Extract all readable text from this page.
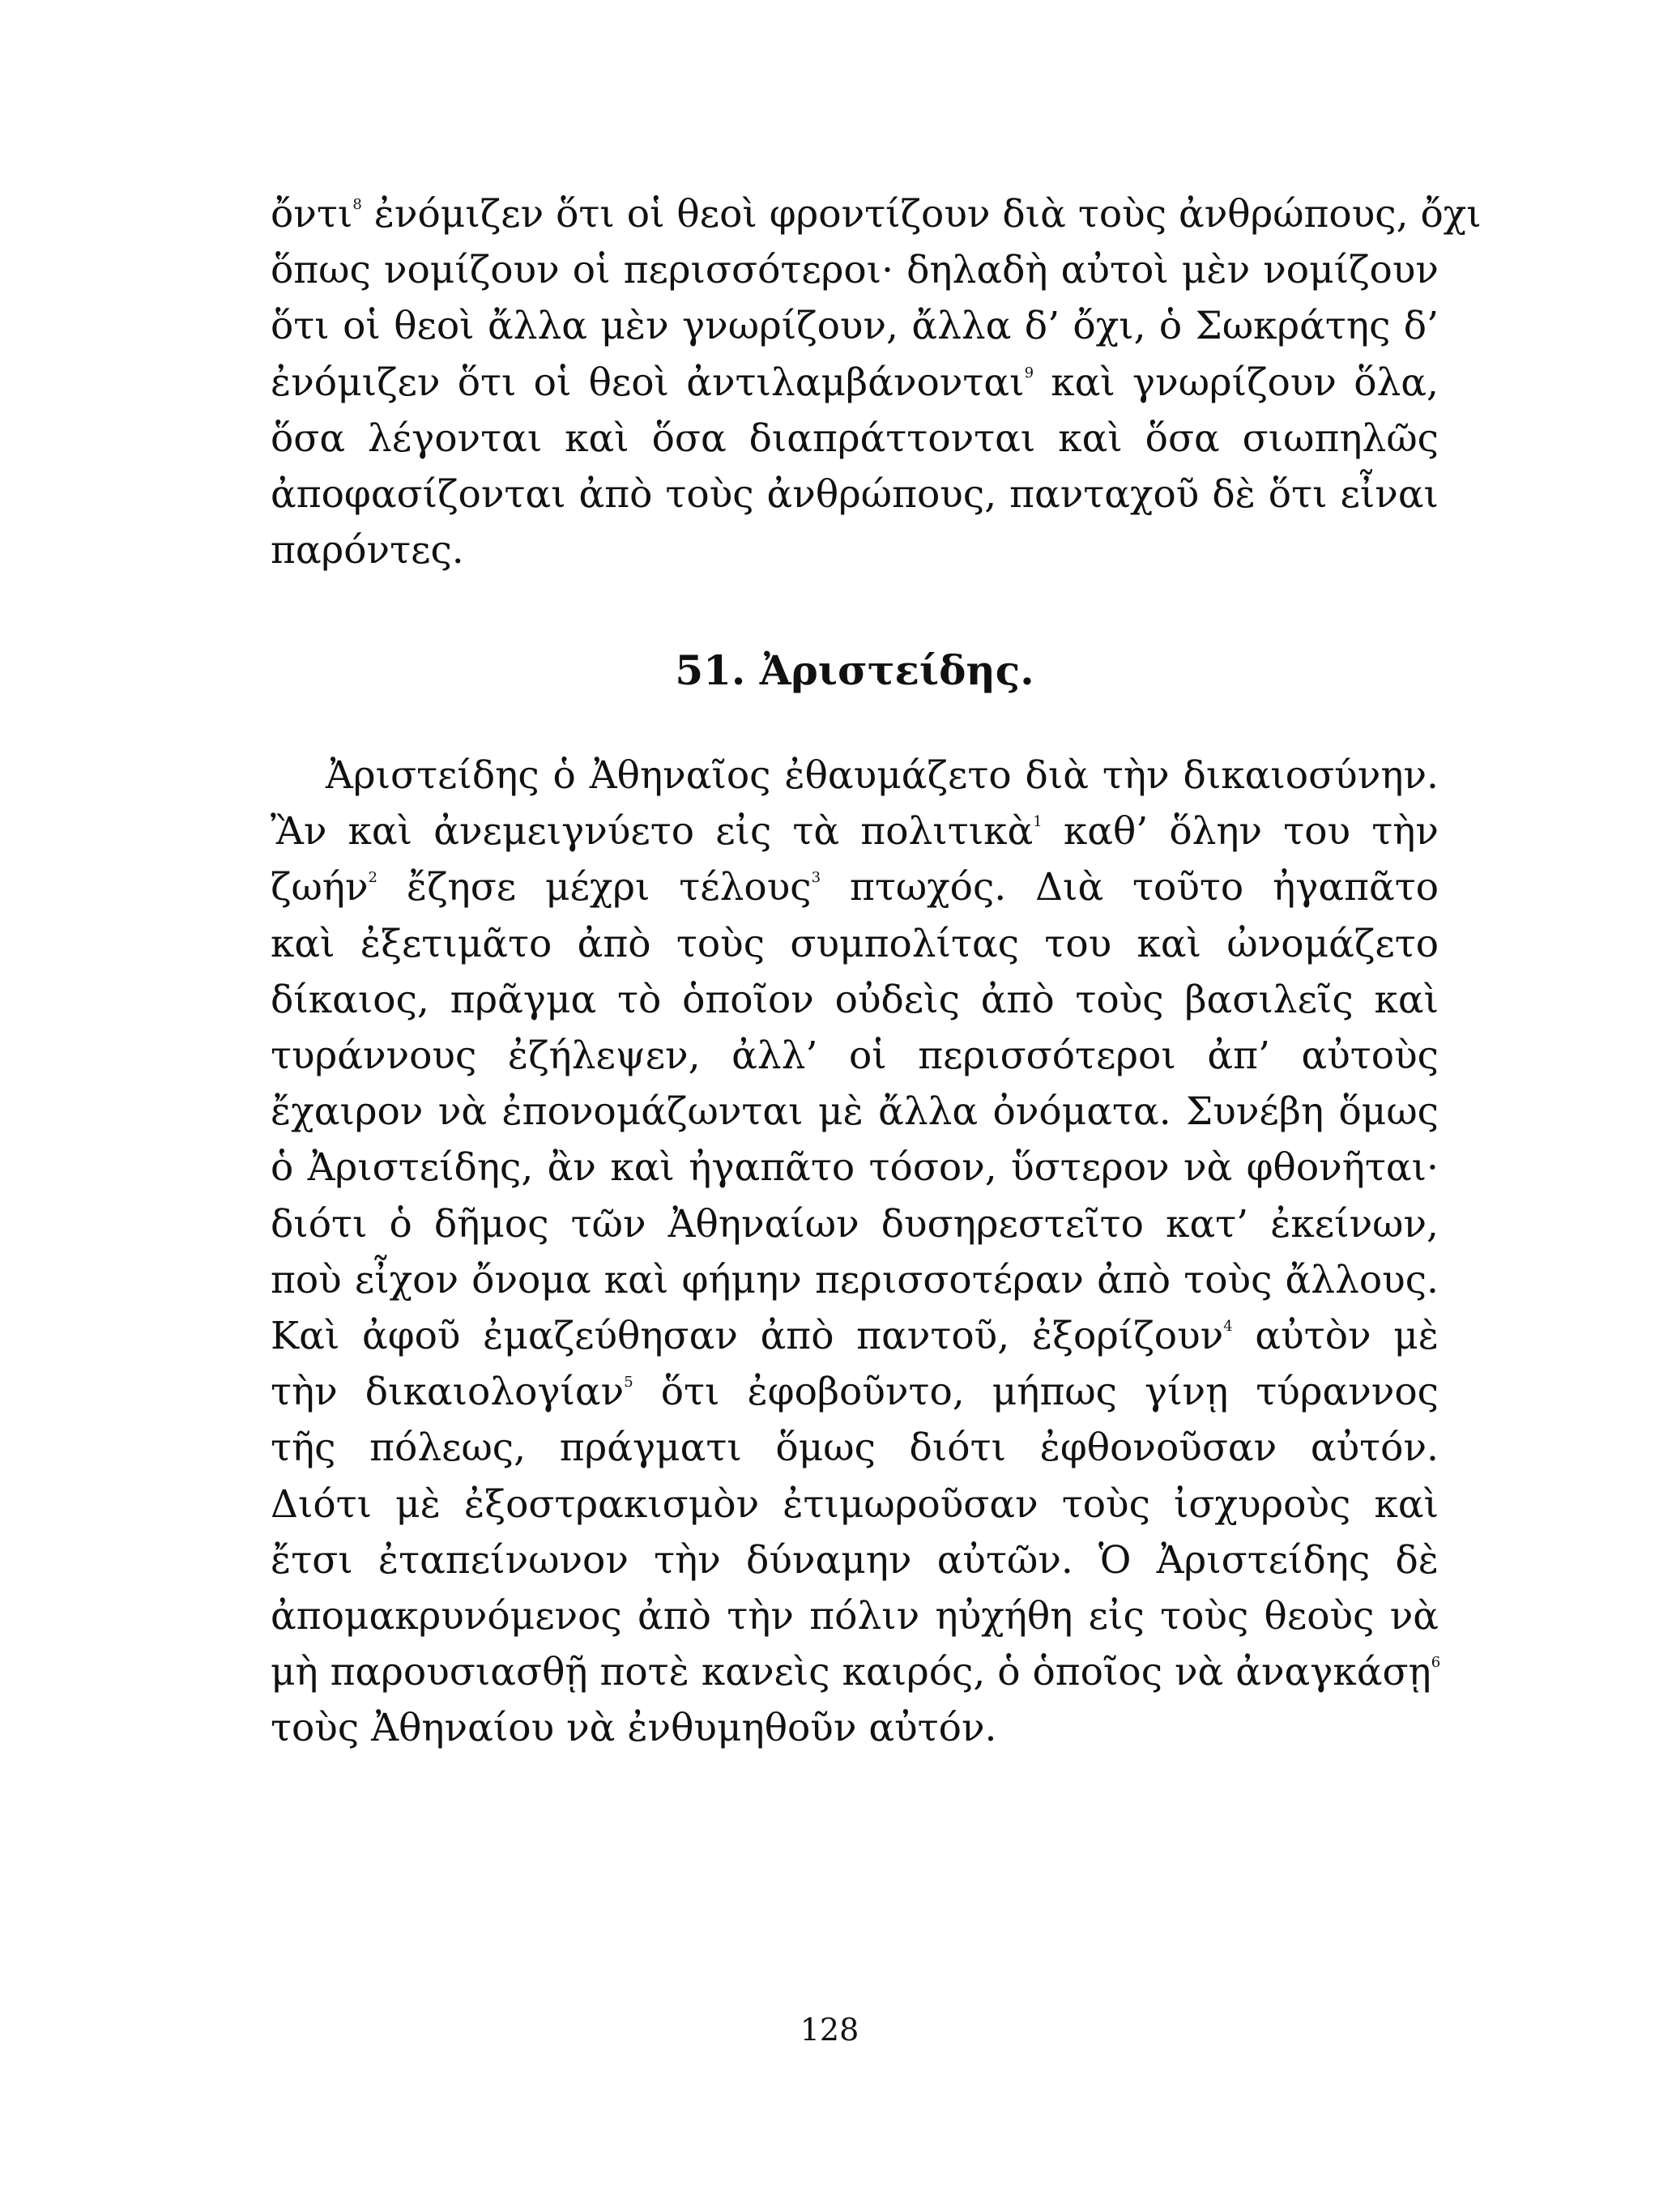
ὄντι$^8$ ἐνόμιζεν ὅτι οἱ θεοὶ φροντίζουν διὰ τοὺς ἀνθρώπους, ὄχι
ὅπως νομίζουν οἱ περισσότεροι· δηλαδὴ αὐτοὶ μὲν νομίζουν
ὅτι οἱ θεοὶ ἄλλα μὲν γνωρίζουν, ἄλλα δ’ ὄχι, ὁ Σωκράτης δ’
ἐνόμιζεν ὅτι οἱ θεοὶ ἀντιλαμβάνονται$^9$ καὶ γνωρίζουν ὅλα,
ὅσα λέγονται καὶ ὅσα διαπράττονται καὶ ὅσα σιωπηλῶς
ἀποφασίζονται ἀπὸ τοὺς ἀνθρώπους, πανταχοῦ δὲ ὅτι εἶναι
παρόντες.
51. Ἀριστείδης.
Ἀριστείδης ὁ Ἀθηναῖος ἐθαυμάζετο διὰ τὴν δικαιοσύνην.
Ἂν καὶ ἀνεμειγνύετο εἰς τὰ πολιτικὰ$^1$ καθ’ ὅλην του τὴν
ζωήν$^2$ ἔζησε μέχρι τέλους$^3$ πτωχός. Διὰ τοῦτο ἠγαπᾶτο
καὶ ἐξετιμᾶτο ἀπὸ τοὺς συμπολίτας του καὶ ὠνομάζετο
δίκαιος, πρᾶγμα τὸ ὁποῖον οὐδεὶς ἀπὸ τοὺς βασιλεῖς καὶ
τυράννους ἐζήλεψεν, ἀλλ’ οἱ περισσότεροι ἀπ’ αὐτοὺς
ἔχαιρον νὰ ἐπονομάζωνται μὲ ἄλλα ὀνόματα. Συνέβη ὅμως
ὁ Ἀριστείδης, ἂν καὶ ἠγαπᾶτο τόσον, ὕστερον νὰ φθονῆται·
διότι ὁ δῆμος τῶν Ἀθηναίων δυσηρεστεῖτο κατ’ ἐκείνων,
ποὺ εἶχον ὄνομα καὶ φήμην περισσοτέραν ἀπὸ τοὺς ἄλλους.
Καὶ ἀφοῦ ἐμαζεύθησαν ἀπὸ παντοῦ, ἐξορίζουν$^4$ αὐτὸν μὲ
τὴν δικαιολογίαν$^5$ ὅτι ἐφοβοῦντο, μήπως γίνῃ τύραννος
τῆς πόλεως, πράγματι ὅμως διότι ἐφθονοῦσαν αὐτόν.
Διότι μὲ ἐξοστρακισμὸν ἐτιμωροῦσαν τοὺς ἰσχυροὺς καὶ
ἔτσι ἐταπείνωνον τὴν δύναμην αὐτῶν. Ὁ Ἀριστείδης δὲ
ἀπομακρυνόμενος ἀπὸ τὴν πόλιν ηὐχήθη εἰς τοὺς θεοὺς νὰ
μὴ παρουσιασθῇ ποτὲ κανεὶς καιρός, ὁ ὁποῖος νὰ ἀναγκάσῃ$^6$
τοὺς Ἀθηναίου νὰ ἐνθυμηθοῦν αὐτόν.
128
